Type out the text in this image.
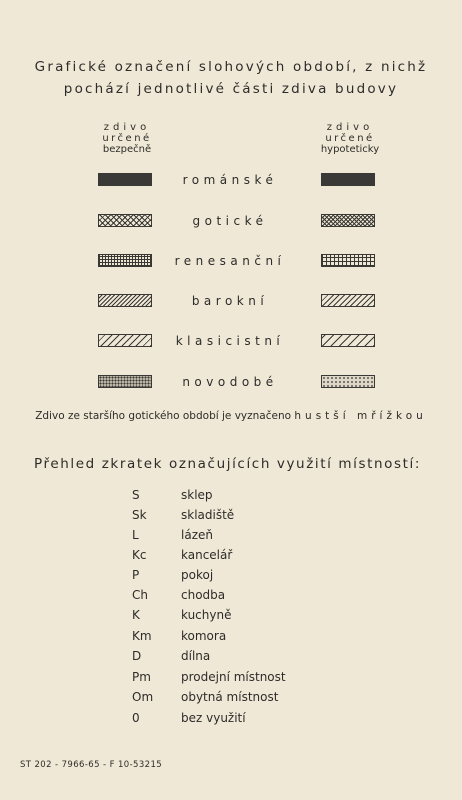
Grafické označení slohových období, z nichž
pochází jednotlivé části zdiva budovy
zdivo
určené
bezpečně
zdivo
určené
hypoteticky
románské
gotické
renesanční
barokní
klasicistní
novodobé
Zdivo ze staršího gotického období je vyznačeno hustší mřížkou
Přehled zkratek označujících využití místností:
S	sklep
Sk	skladiště
L	lázeň
Kc	kancelář
P	pokoj
Ch	chodba
K	kuchyně
Km komora
D	dílna
Pm	prodejní místnost
Om obytná místnost
0	bez využití
ST 202 - 7966-65 - F 10-53215
